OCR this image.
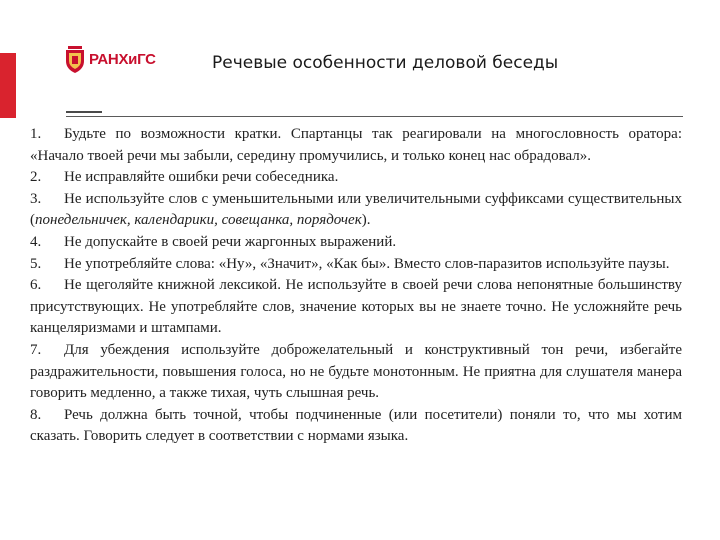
РАНХиГС	Речевые особенности деловой беседы

1. Будьте по возможности кратки. Спартанцы так реагировали на многословность оратора: «Начало твоей речи мы забыли, середину промучились, и только конец нас обрадовал».

2. Не исправляйте ошибки речи собеседника.

3. Не используйте слов с уменьшительными или увеличительными суффиксами существительных (понедельничек, календарики, совещанка, порядочек).

4. Не допускайте в своей речи жаргонных выражений.

5. Не употребляйте слова: «Ну», «Значит», «Как бы». Вместо слов-паразитов используйте паузы.

6. Не щеголяйте книжной лексикой. Не используйте в своей речи слова непонятные большинству присутствующих. Не употребляйте слов, значение которых вы не знаете точно. Не усложняйте речь канцеляризмами и штампами.

7. Для убеждения используйте доброжелательный и конструктивный тон речи, избегайте раздражительности, повышения голоса, но не будьте монотонным. Не приятна для слушателя манера говорить медленно, а также тихая, чуть слышная речь.

8. Речь должна быть точной, чтобы подчиненные (или посетители) поняли то, что мы хотим сказать. Говорить следует в соответствии с нормами языка.
